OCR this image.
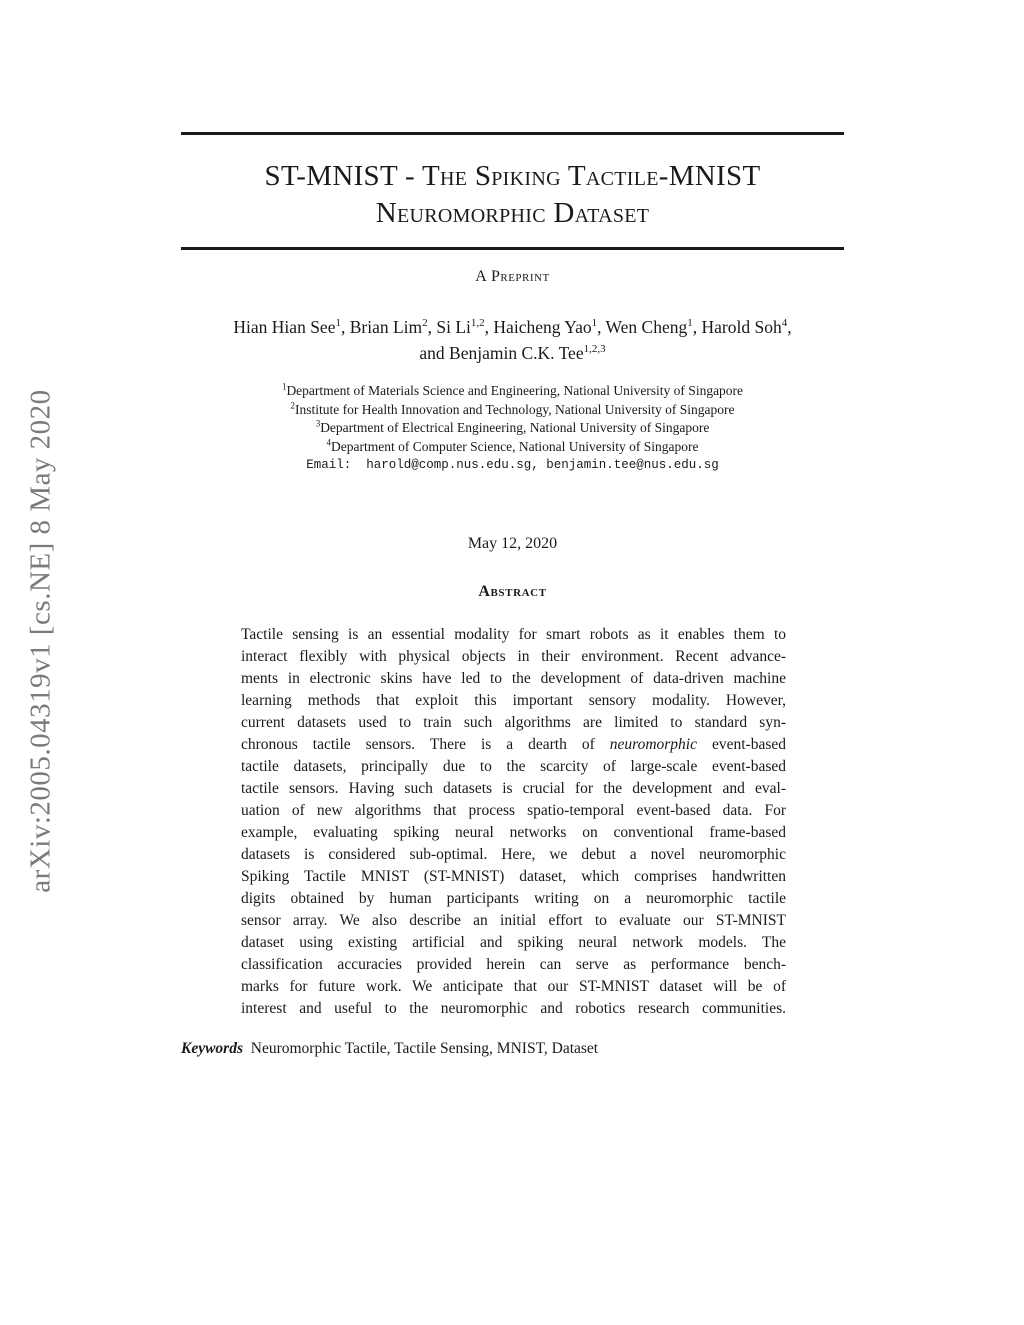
arXiv:2005.04319v1 [cs.NE] 8 May 2020
ST-MNIST - The Spiking Tactile-MNIST
Neuromorphic Dataset
A Preprint
Hian Hian See$^1$, Brian Lim$^2$, Si Li$^{1,2}$, Haicheng Yao$^1$, Wen Cheng$^1$, Harold Soh$^4$,
and Benjamin C.K. Tee$^{1,2,3}$
$^1$Department of Materials Science and Engineering, National University of Singapore
$^2$Institute for Health Innovation and Technology, National University of Singapore
$^3$Department of Electrical Engineering, National University of Singapore
$^4$Department of Computer Science, National University of Singapore
Email:  harold@comp.nus.edu.sg, benjamin.tee@nus.edu.sg
May 12, 2020
Abstract
Tactile sensing is an essential modality for smart robots as it enables them to
interact flexibly with physical objects in their environment. Recent advance-
ments in electronic skins have led to the development of data-driven machine
learning methods that exploit this important sensory modality. However,
current datasets used to train such algorithms are limited to standard syn-
chronous tactile sensors. There is a dearth of neuromorphic event-based
tactile datasets, principally due to the scarcity of large-scale event-based
tactile sensors. Having such datasets is crucial for the development and eval-
uation of new algorithms that process spatio-temporal event-based data. For
example, evaluating spiking neural networks on conventional frame-based
datasets is considered sub-optimal. Here, we debut a novel neuromorphic
Spiking Tactile MNIST (ST-MNIST) dataset, which comprises handwritten
digits obtained by human participants writing on a neuromorphic tactile
sensor array. We also describe an initial effort to evaluate our ST-MNIST
dataset using existing artificial and spiking neural network models. The
classification accuracies provided herein can serve as performance bench-
marks for future work. We anticipate that our ST-MNIST dataset will be of
interest and useful to the neuromorphic and robotics research communities.
Keywords Neuromorphic Tactile, Tactile Sensing, MNIST, Dataset
